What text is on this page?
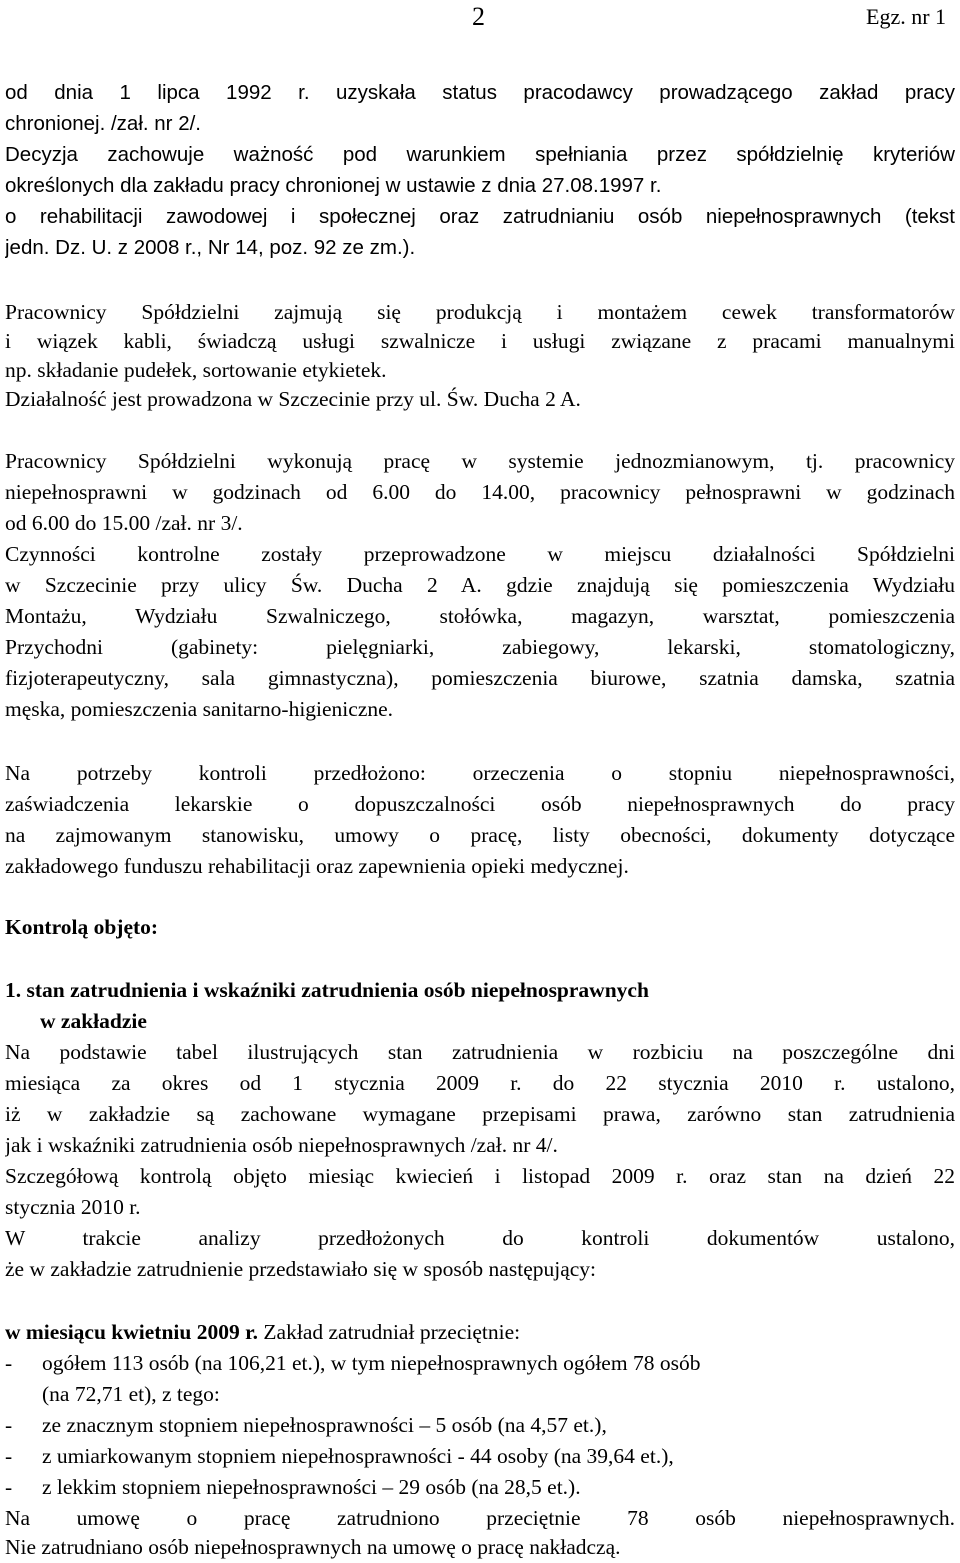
2	Egz. nr 1
od dnia 1 lipca 1992 r. uzyskała status pracodawcy prowadzącego zakład pracy
chronionej. /zał. nr 2/.
Decyzja zachowuje ważność pod warunkiem spełniania przez spółdzielnię kryteriów
określonych dla zakładu pracy chronionej w ustawie z dnia 27.08.1997 r.
o rehabilitacji zawodowej i społecznej oraz zatrudnianiu osób niepełnosprawnych (tekst
jedn. Dz. U. z 2008 r., Nr 14, poz. 92 ze zm.).
Pracownicy Spółdzielni zajmują się produkcją i montażem cewek transformatorów
i wiązek kabli, świadczą usługi szwalnicze i usługi związane z pracami manualnymi
np. składanie pudełek, sortowanie etykietek.
Działalność jest prowadzona w Szczecinie przy ul. Św. Ducha 2 A.
Pracownicy Spółdzielni wykonują pracę w systemie jednozmianowym, tj. pracownicy
niepełnosprawni w godzinach od 6.00 do 14.00, pracownicy pełnosprawni w godzinach
od 6.00 do 15.00 /zał. nr 3/.
Czynności kontrolne zostały przeprowadzone w miejscu działalności Spółdzielni
w Szczecinie przy ulicy Św. Ducha 2 A. gdzie znajdują się pomieszczenia Wydziału
Montażu, Wydziału Szwalniczego, stołówka, magazyn, warsztat, pomieszczenia
Przychodni (gabinety: pielęgniarki, zabiegowy, lekarski, stomatologiczny,
fizjoterapeutyczny, sala gimnastyczna), pomieszczenia biurowe, szatnia damska, szatnia
męska, pomieszczenia sanitarno-higieniczne.
Na potrzeby kontroli przedłożono: orzeczenia o stopniu niepełnosprawności,
zaświadczenia lekarskie o dopuszczalności osób niepełnosprawnych do pracy
na zajmowanym stanowisku, umowy o pracę, listy obecności, dokumenty dotyczące
zakładowego funduszu rehabilitacji oraz zapewnienia opieki medycznej.
Kontrolą objęto:
1. stan zatrudnienia i wskaźniki zatrudnienia osób niepełnosprawnych
w zakładzie
Na podstawie tabel ilustrujących stan zatrudnienia w rozbiciu na poszczególne dni
miesiąca za okres od 1 stycznia 2009 r. do 22 stycznia 2010 r. ustalono,
iż w zakładzie są zachowane wymagane przepisami prawa, zarówno stan zatrudnienia
jak i wskaźniki zatrudnienia osób niepełnosprawnych /zał. nr 4/.
Szczegółową kontrolą objęto miesiąc kwiecień i listopad 2009 r. oraz stan na dzień 22
stycznia 2010 r.
W trakcie analizy przedłożonych do kontroli dokumentów ustalono,
że w zakładzie zatrudnienie przedstawiało się w sposób następujący:
w miesiącu kwietniu 2009 r. Zakład zatrudniał przeciętnie:
- ogółem 113 osób (na 106,21 et.), w tym niepełnosprawnych ogółem 78 osób
(na 72,71 et), z tego:
- ze znacznym stopniem niepełnosprawności – 5 osób (na 4,57 et.),
- z umiarkowanym stopniem niepełnosprawności - 44 osoby (na 39,64 et.),
- z lekkim stopniem niepełnosprawności – 29 osób (na 28,5 et.).
Na umowę o pracę zatrudniono przeciętnie 78 osób niepełnosprawnych.
Nie zatrudniano osób niepełnosprawnych na umowę o pracę nakładczą.
